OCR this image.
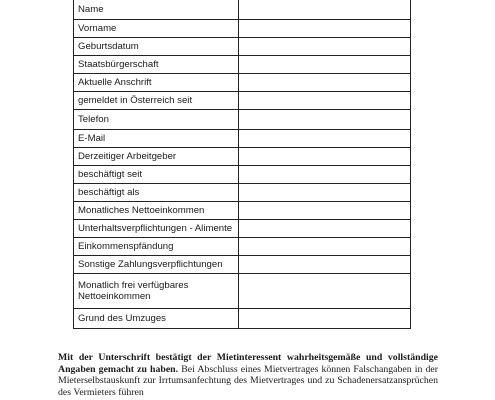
Name	
Vorname	
Geburtsdatum	
Staatsbürgerschaft	
Aktuelle Anschrift	
gemeldet in Österreich seit	
Telefon	
E-Mail	
Derzeitiger Arbeitgeber	
beschäftigt seit	
beschäftigt als	
Monatliches Nettoeinkommen	
Unterhaltsverpflichtungen - Alimente	
Einkommenspfändung	
Sonstige Zahlungsverpflichtungen	
Monatlich frei verfügbares Nettoeinkommen	
Grund des Umzuges	

Mit der Unterschrift bestätigt der Mietinteressent wahrheitsgemäße und vollständige Angaben gemacht zu haben. Bei Abschluss eines Mietvertrages können Falschangaben in der Mieterselbstauskunft zur Irrtumsanfechtung des Mietvertrages und zu Schadenersatzansprüchen des Vermieters führen
